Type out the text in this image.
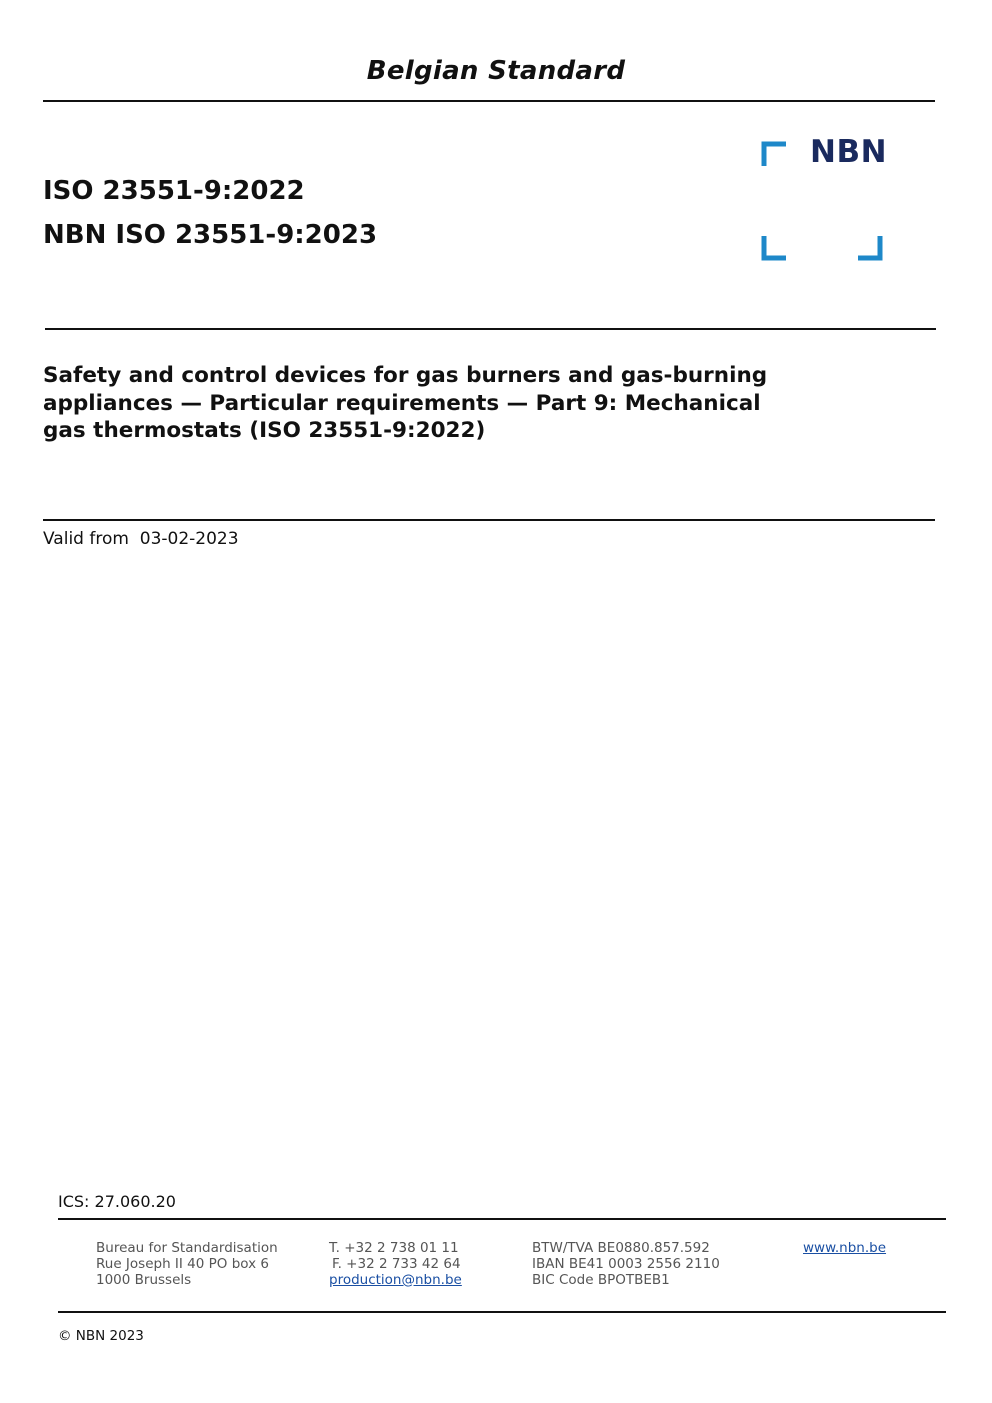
Belgian Standard
ISO 23551-9:2022
NBN ISO 23551-9:2023
NBN
Safety and control devices for gas burners and gas-burning
appliances — Particular requirements — Part 9: Mechanical
gas thermostats (ISO 23551-9:2022)
Valid from 03-02-2023
ICS: 27.060.20
Bureau for Standardisation
Rue Joseph II 40 PO box 6
1000 Brussels
T. +32 2 738 01 11
F. +32 2 733 42 64
production@nbn.be
BTW/TVA BE0880.857.592
IBAN BE41 0003 2556 2110
BIC Code BPOTBEB1
www.nbn.be
© NBN 2023
